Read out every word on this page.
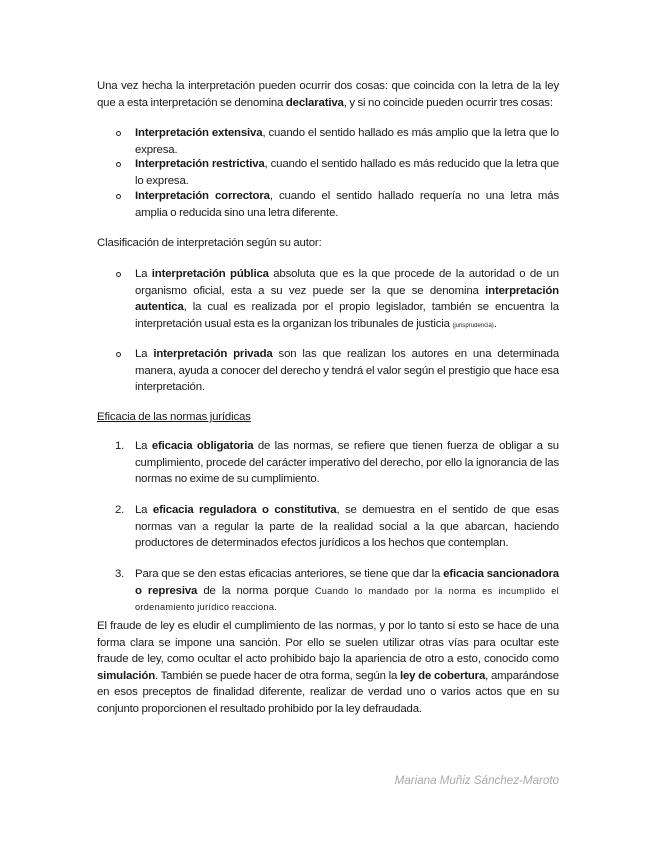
Una vez hecha la interpretación pueden ocurrir dos cosas: que coincida con la letra de la ley que a esta interpretación se denomina declarativa, y si no coincide pueden ocurrir tres cosas:

Interpretación extensiva, cuando el sentido hallado es más amplio que la letra que lo expresa.
Interpretación restrictiva, cuando el sentido hallado es más reducido que la letra que lo expresa.
Interpretación correctora, cuando el sentido hallado requería no una letra más amplia o reducida sino una letra diferente.
Clasificación de interpretación según su autor:
La interpretación pública absoluta que es la que procede de la autoridad o de un organismo oficial, esta a su vez puede ser la que se denomina interpretación autentica, la cual es realizada por el propio legislador, también se encuentra la interpretación usual esta es la organizan los tribunales de justicia (jurisprudencia).
La interpretación privada son las que realizan los autores en una determinada manera, ayuda a conocer del derecho y tendrá el valor según el prestigio que hace esa interpretación.
Eficacia de las normas jurídicas
1. La eficacia obligatoria de las normas, se refiere que tienen fuerza de obligar a su cumplimiento, procede del carácter imperativo del derecho, por ello la ignorancia de las normas no exime de su cumplimiento.
2. La eficacia reguladora o constitutiva, se demuestra en el sentido de que esas normas van a regular la parte de la realidad social a la que abarcan, haciendo productores de determinados efectos jurídicos a los hechos que contemplan.
3. Para que se den estas eficacias anteriores, se tiene que dar la eficacia sancionadora o represiva de la norma porque Cuando lo mandado por la norma es incumplido el ordenamiento jurídico reacciona.
El fraude de ley es eludir el cumplimiento de las normas, y por lo tanto si esto se hace de una forma clara se impone una sanción. Por ello se suelen utilizar otras vías para ocultar este fraude de ley, como ocultar el acto prohibido bajo la apariencia de otro a esto, conocido como simulación. También se puede hacer de otra forma, según la ley de cobertura, amparándose en esos preceptos de finalidad diferente, realizar de verdad uno o varios actos que en su conjunto proporcionen el resultado prohibido por la ley defraudada.
Mariana Muñiz Sánchez-Maroto
